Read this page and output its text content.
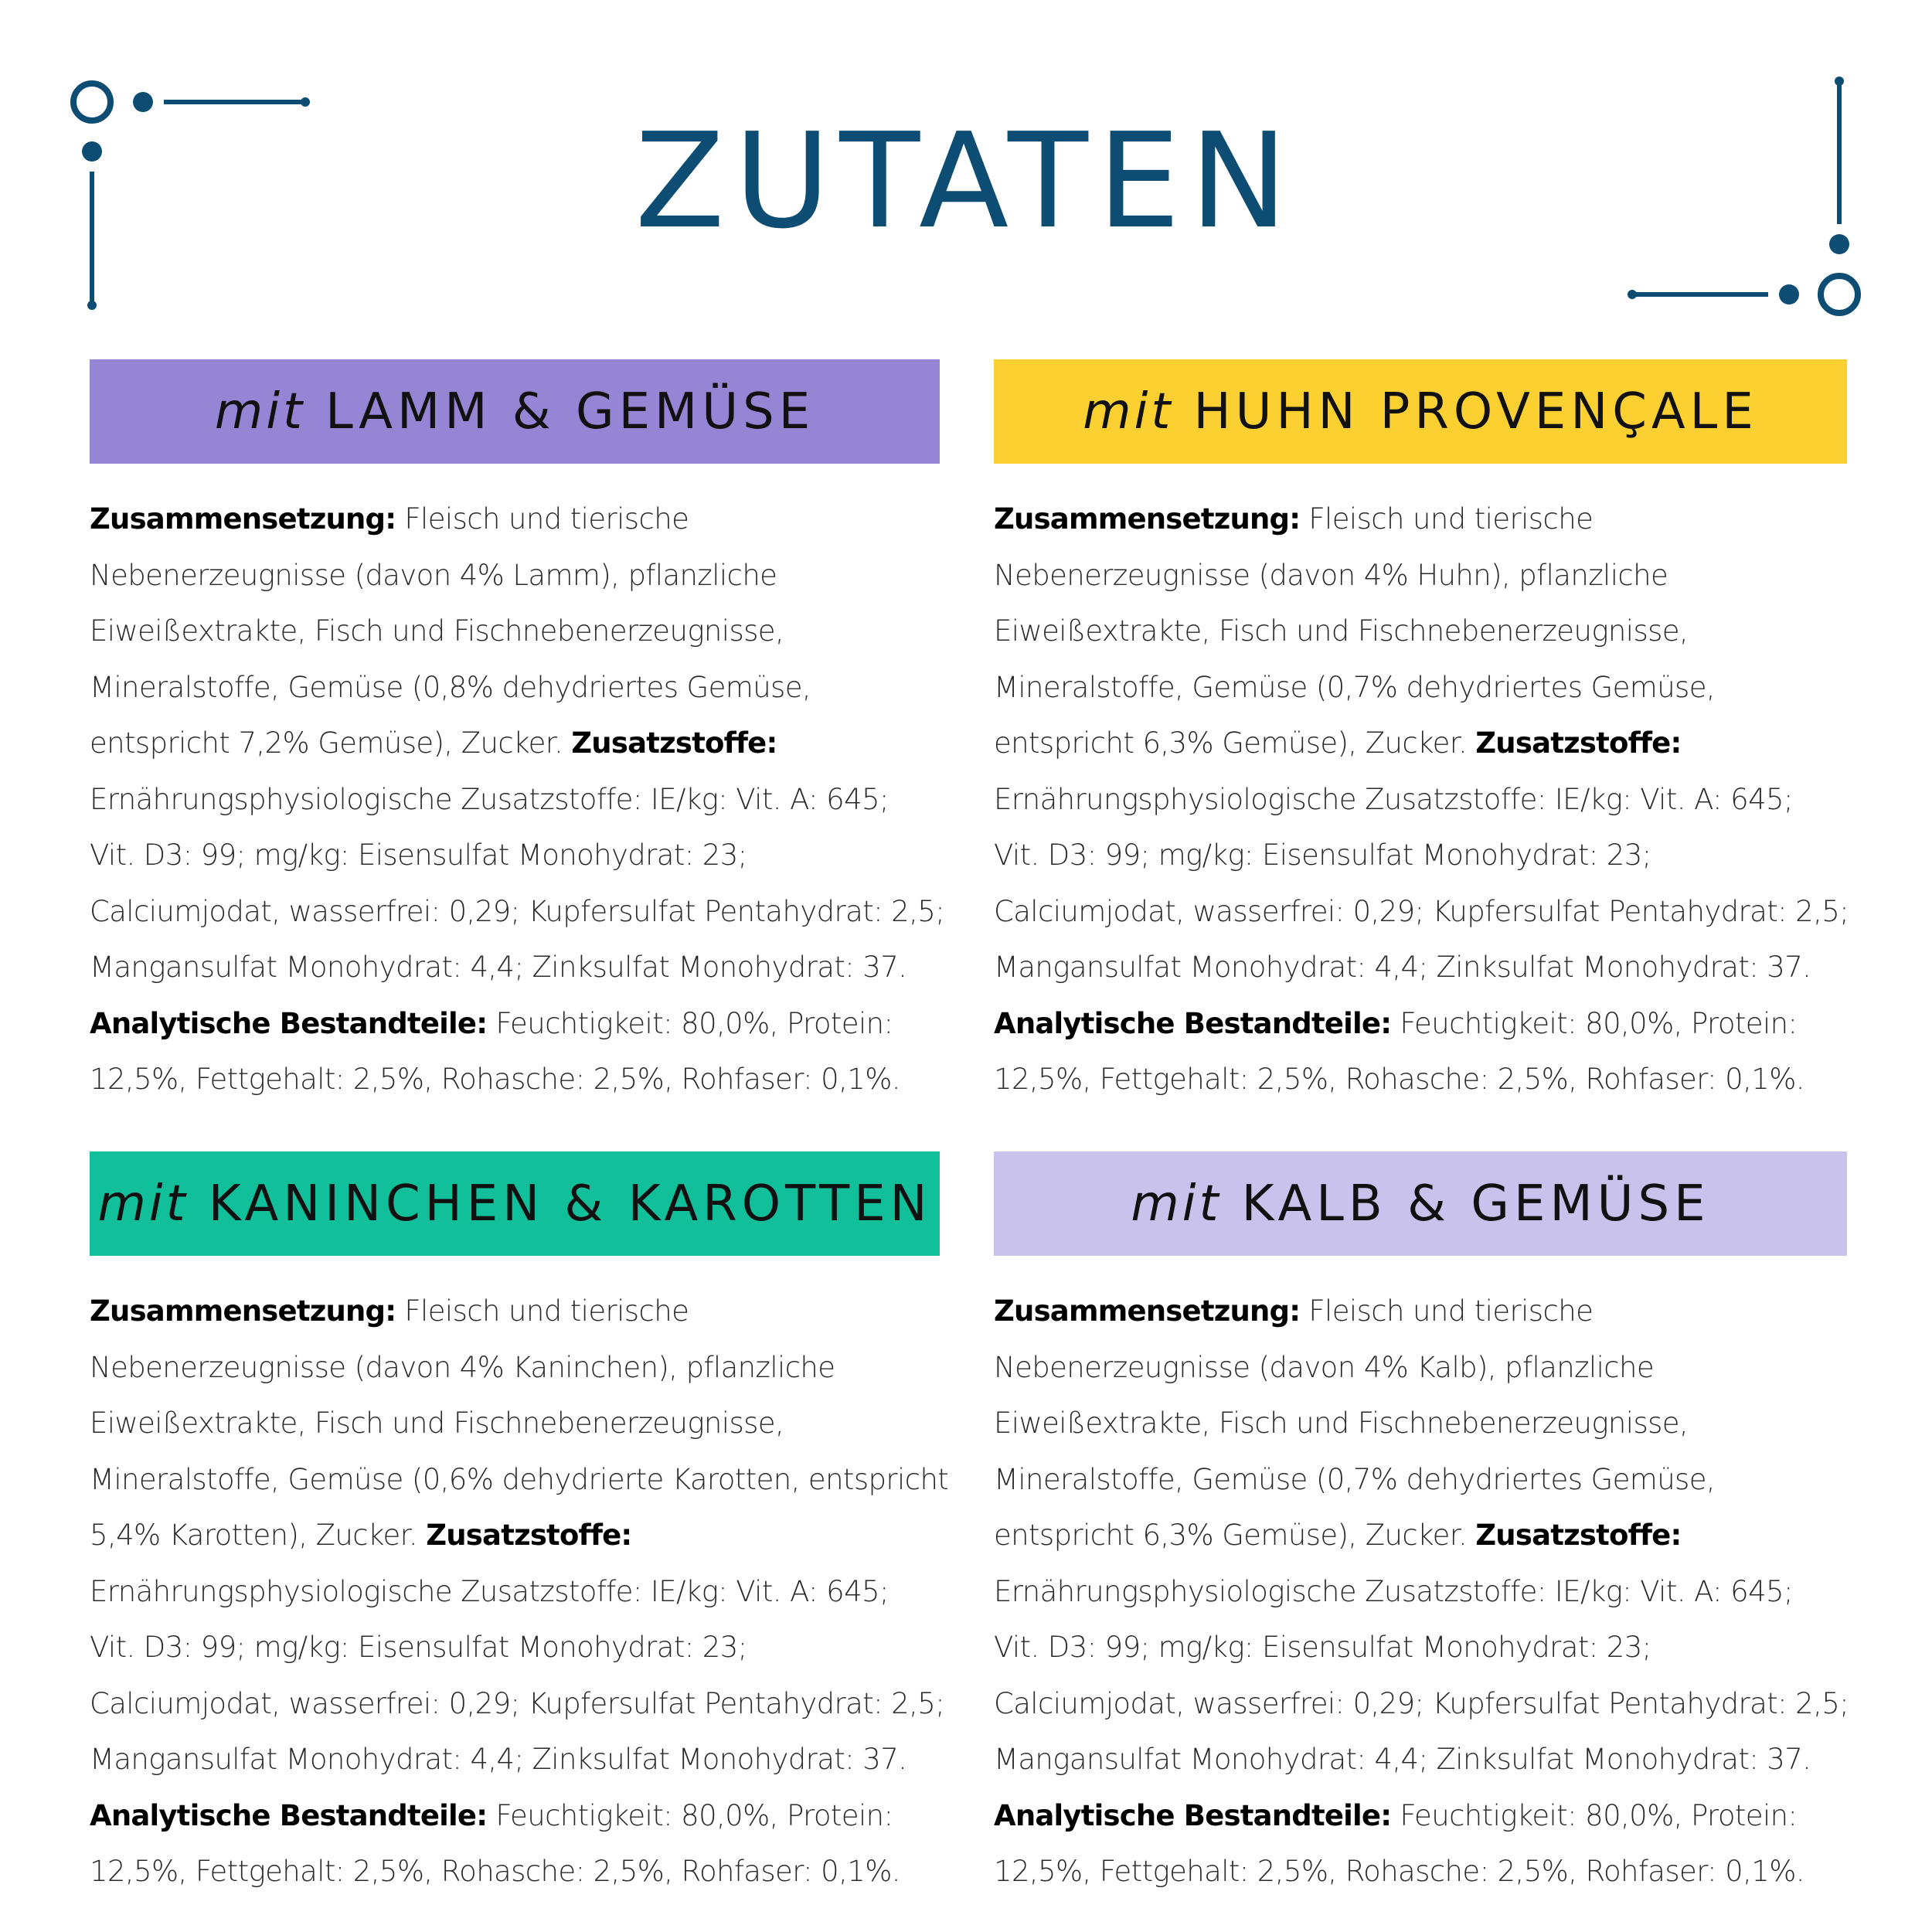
ZUTATEN
mit LAMM & GEMÜSE
Zusammensetzung: Fleisch und tierische
Nebenerzeugnisse (davon 4% Lamm), pflanzliche
Eiweißextrakte, Fisch und Fischnebenerzeugnisse,
Mineralstoffe, Gemüse (0,8% dehydriertes Gemüse,
entspricht 7,2% Gemüse), Zucker. Zusatzstoffe:
Ernährungsphysiologische Zusatzstoffe: IE/kg: Vit. A: 645;
Vit. D3: 99; mg/kg: Eisensulfat Monohydrat: 23;
Calciumjodat, wasserfrei: 0,29; Kupfersulfat Pentahydrat: 2,5;
Mangansulfat Monohydrat: 4,4; Zinksulfat Monohydrat: 37.
Analytische Bestandteile: Feuchtigkeit: 80,0%, Protein:
12,5%, Fettgehalt: 2,5%, Rohasche: 2,5%, Rohfaser: 0,1%.
mit HUHN PROVENÇALE
Zusammensetzung: Fleisch und tierische
Nebenerzeugnisse (davon 4% Huhn), pflanzliche
Eiweißextrakte, Fisch und Fischnebenerzeugnisse,
Mineralstoffe, Gemüse (0,7% dehydriertes Gemüse,
entspricht 6,3% Gemüse), Zucker. Zusatzstoffe:
Ernährungsphysiologische Zusatzstoffe: IE/kg: Vit. A: 645;
Vit. D3: 99; mg/kg: Eisensulfat Monohydrat: 23;
Calciumjodat, wasserfrei: 0,29; Kupfersulfat Pentahydrat: 2,5;
Mangansulfat Monohydrat: 4,4; Zinksulfat Monohydrat: 37.
Analytische Bestandteile: Feuchtigkeit: 80,0%, Protein:
12,5%, Fettgehalt: 2,5%, Rohasche: 2,5%, Rohfaser: 0,1%.
mit KANINCHEN & KAROTTEN
Zusammensetzung: Fleisch und tierische
Nebenerzeugnisse (davon 4% Kaninchen), pflanzliche
Eiweißextrakte, Fisch und Fischnebenerzeugnisse,
Mineralstoffe, Gemüse (0,6% dehydrierte Karotten, entspricht
5,4% Karotten), Zucker. Zusatzstoffe:
Ernährungsphysiologische Zusatzstoffe: IE/kg: Vit. A: 645;
Vit. D3: 99; mg/kg: Eisensulfat Monohydrat: 23;
Calciumjodat, wasserfrei: 0,29; Kupfersulfat Pentahydrat: 2,5;
Mangansulfat Monohydrat: 4,4; Zinksulfat Monohydrat: 37.
Analytische Bestandteile: Feuchtigkeit: 80,0%, Protein:
12,5%, Fettgehalt: 2,5%, Rohasche: 2,5%, Rohfaser: 0,1%.
mit KALB & GEMÜSE
Zusammensetzung: Fleisch und tierische
Nebenerzeugnisse (davon 4% Kalb), pflanzliche
Eiweißextrakte, Fisch und Fischnebenerzeugnisse,
Mineralstoffe, Gemüse (0,7% dehydriertes Gemüse,
entspricht 6,3% Gemüse), Zucker. Zusatzstoffe:
Ernährungsphysiologische Zusatzstoffe: IE/kg: Vit. A: 645;
Vit. D3: 99; mg/kg: Eisensulfat Monohydrat: 23;
Calciumjodat, wasserfrei: 0,29; Kupfersulfat Pentahydrat: 2,5;
Mangansulfat Monohydrat: 4,4; Zinksulfat Monohydrat: 37.
Analytische Bestandteile: Feuchtigkeit: 80,0%, Protein:
12,5%, Fettgehalt: 2,5%, Rohasche: 2,5%, Rohfaser: 0,1%.
